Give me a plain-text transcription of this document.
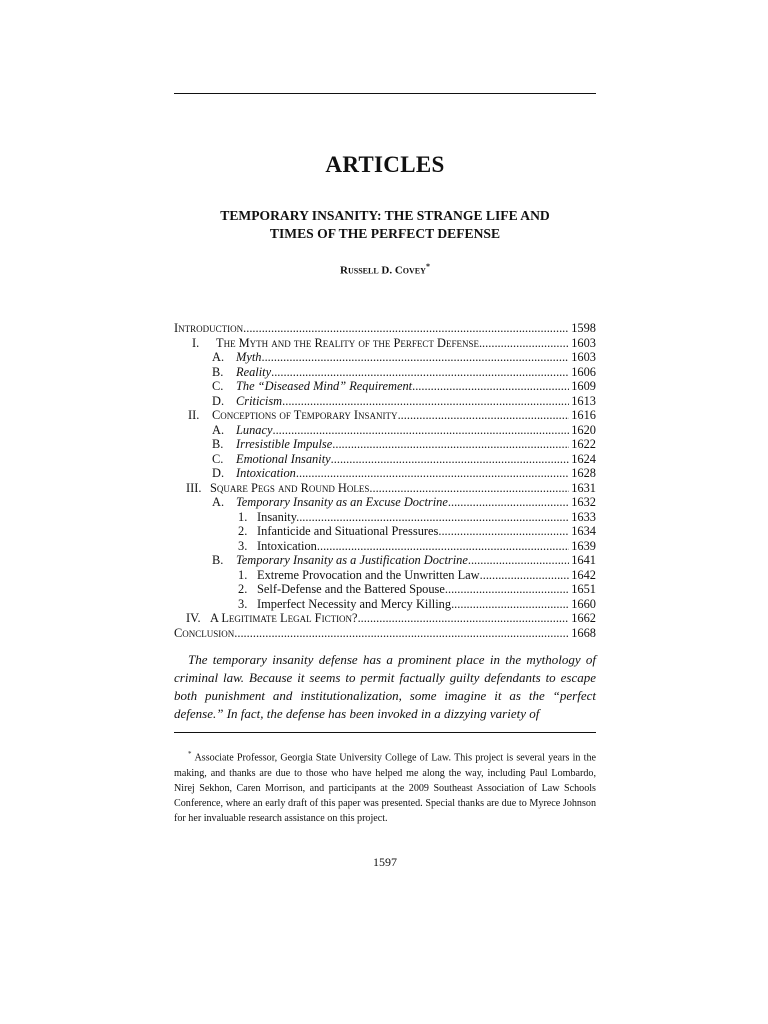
ARTICLES
TEMPORARY INSANITY: THE STRANGE LIFE AND
TIMES OF THE PERFECT DEFENSE
Russell D. Covey*
Introduction .....	1598
I.	The Myth and the Reality of the Perfect Defense .....	1603
A. Myth .....	1603
B.	Reality .....	1606
C.	The “Diseased Mind” Requirement .....	1609
D. Criticism .....	1613
II.	Conceptions of Temporary Insanity .....	1616
A. Lunacy .....	1620
B.	Irresistible Impulse .....	1622
C.	Emotional Insanity .....	1624
D. Intoxication .....	1628
III. Square Pegs and Round Holes .....	1631
A. Temporary Insanity as an Excuse Doctrine .....	1632
1. Insanity.... .....	1633
2. Infanticide and Situational Pressures .....	1634
3. Intoxication .....	1639
B.	Temporary Insanity as a Justification Doctrine .....	1641
1. Extreme Provocation and the Unwritten Law .....	1642
2. Self-Defense and the Battered Spouse .....	1651
3. Imperfect Necessity and Mercy Killing .....	1660
IV. A Legitimate Legal Fiction? .....	1662
Conclusion .....	1668

The temporary insanity defense has a prominent place in the mythology of criminal law. Because it seems to permit factually guilty defendants to escape both punishment and institutionalization, some imagine it as the “perfect defense.” In fact, the defense has been invoked in a dizzying variety of

* Associate Professor, Georgia State University College of Law. This project is several years in the making, and thanks are due to those who have helped me along the way, including Paul Lombardo, Nirej Sekhon, Caren Morrison, and participants at the 2009 Southeast Association of Law Schools Conference, where an early draft of this paper was presented. Special thanks are due to Myrece Johnson for her invaluable research assistance on this project.

1597
